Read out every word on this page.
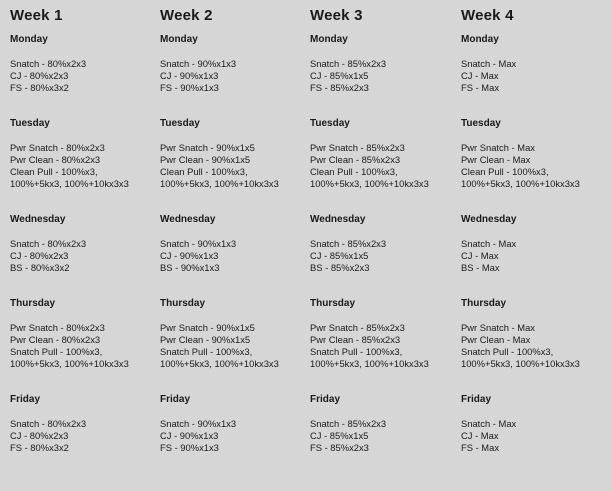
Week 1
Monday
Snatch - 80%x2x3
CJ - 80%x2x3
FS - 80%x3x2
Tuesday
Pwr Snatch - 80%x2x3
Pwr Clean - 80%x2x3
Clean Pull - 100%x3,
100%+5kx3, 100%+10kx3x3
Wednesday
Snatch - 80%x2x3
CJ - 80%x2x3
BS - 80%x3x2
Thursday
Pwr Snatch - 80%x2x3
Pwr Clean - 80%x2x3
Snatch Pull - 100%x3,
100%+5kx3, 100%+10kx3x3
Friday
Snatch - 80%x2x3
CJ - 80%x2x3
FS - 80%x3x2
Week 2
Monday
Snatch - 90%x1x3
CJ - 90%x1x3
FS - 90%x1x3
Tuesday
Pwr Snatch - 90%x1x5
Pwr Clean - 90%x1x5
Clean Pull - 100%x3,
100%+5kx3, 100%+10kx3x3
Wednesday
Snatch - 90%x1x3
CJ - 90%x1x3
BS - 90%x1x3
Thursday
Pwr Snatch - 90%x1x5
Pwr Clean - 90%x1x5
Snatch Pull - 100%x3,
100%+5kx3, 100%+10kx3x3
Friday
Snatch - 90%x1x3
CJ - 90%x1x3
FS - 90%x1x3
Week 3
Monday
Snatch - 85%x2x3
CJ - 85%x1x5
FS - 85%x2x3
Tuesday
Pwr Snatch - 85%x2x3
Pwr Clean - 85%x2x3
Clean Pull - 100%x3,
100%+5kx3, 100%+10kx3x3
Wednesday
Snatch - 85%x2x3
CJ - 85%x1x5
BS - 85%x2x3
Thursday
Pwr Snatch - 85%x2x3
Pwr Clean - 85%x2x3
Snatch Pull - 100%x3,
100%+5kx3, 100%+10kx3x3
Friday
Snatch - 85%x2x3
CJ - 85%x1x5
FS - 85%x2x3
Week 4
Monday
Snatch - Max
CJ - Max
FS - Max
Tuesday
Pwr Snatch - Max
Pwr Clean - Max
Clean Pull - 100%x3,
100%+5kx3, 100%+10kx3x3
Wednesday
Snatch - Max
CJ - Max
BS - Max
Thursday
Pwr Snatch - Max
Pwr Clean - Max
Snatch Pull - 100%x3,
100%+5kx3, 100%+10kx3x3
Friday
Snatch - Max
CJ - Max
FS - Max
